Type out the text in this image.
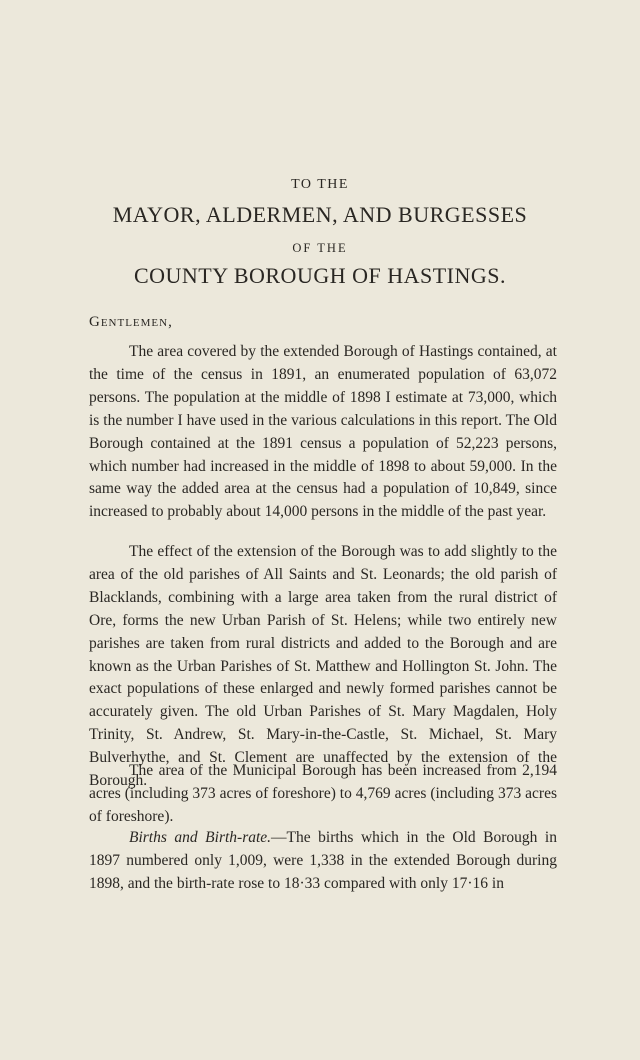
TO THE

MAYOR, ALDERMEN, AND BURGESSES

OF THE

COUNTY BOROUGH OF HASTINGS.

Gentlemen,

The area covered by the extended Borough of Hastings contained, at the time of the census in 1891, an enumerated population of 63,072 persons. The population at the middle of 1898 I estimate at 73,000, which is the number I have used in the various calculations in this report. The Old Borough contained at the 1891 census a population of 52,223 persons, which number had increased in the middle of 1898 to about 59,000. In the same way the added area at the census had a population of 10,849, since increased to probably about 14,000 persons in the middle of the past year.

The effect of the extension of the Borough was to add slightly to the area of the old parishes of All Saints and St. Leonards; the old parish of Blacklands, combining with a large area taken from the rural district of Ore, forms the new Urban Parish of St. Helens; while two entirely new parishes are taken from rural districts and added to the Borough and are known as the Urban Parishes of St. Matthew and Hollington St. John. The exact populations of these enlarged and newly formed parishes cannot be accurately given. The old Urban Parishes of St. Mary Magdalen, Holy Trinity, St. Andrew, St. Mary-in-the-Castle, St. Michael, St. Mary Bulverhythe, and St. Clement are unaffected by the extension of the Borough.

The area of the Municipal Borough has been increased from 2,194 acres (including 373 acres of foreshore) to 4,769 acres (including 373 acres of foreshore).

Births and Birth-rate.—The births which in the Old Borough in 1897 numbered only 1,009, were 1,338 in the extended Borough during 1898, and the birth-rate rose to 18·33 compared with only 17·16 in
